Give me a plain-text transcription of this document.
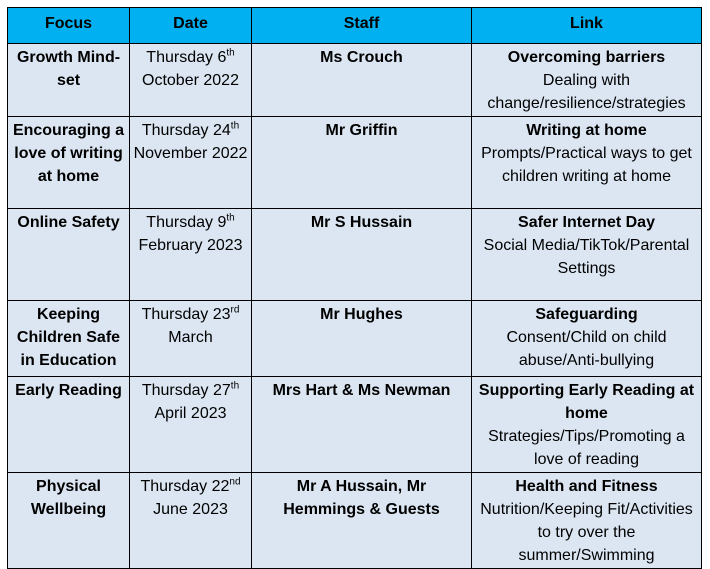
Focus	Date	Staff	Link
Growth Mind-set	Thursday 6th October 2022	Ms Crouch	Overcoming barriers
Dealing with change/resilience/strategies

Encouraging a love of writing at home	Thursday 24th November 2022	Mr Griffin	Writing at home
Prompts/Practical ways to get children writing at home

Online Safety	Thursday 9th February 2023	Mr S Hussain	Safer Internet Day
Social Media/TikTok/Parental Settings

Keeping Children Safe in Education	Thursday 23rd March	Mr Hughes	Safeguarding
Consent/Child on child abuse/Anti-bullying

Early Reading	Thursday 27th April 2023	Mrs Hart & Ms Newman	Supporting Early Reading at home
Strategies/Tips/Promoting a love of reading

Physical Wellbeing	Thursday 22nd June 2023	Mr A Hussain, Mr Hemmings & Guests	Health and Fitness
Nutrition/Keeping Fit/Activities to try over the summer/Swimming
